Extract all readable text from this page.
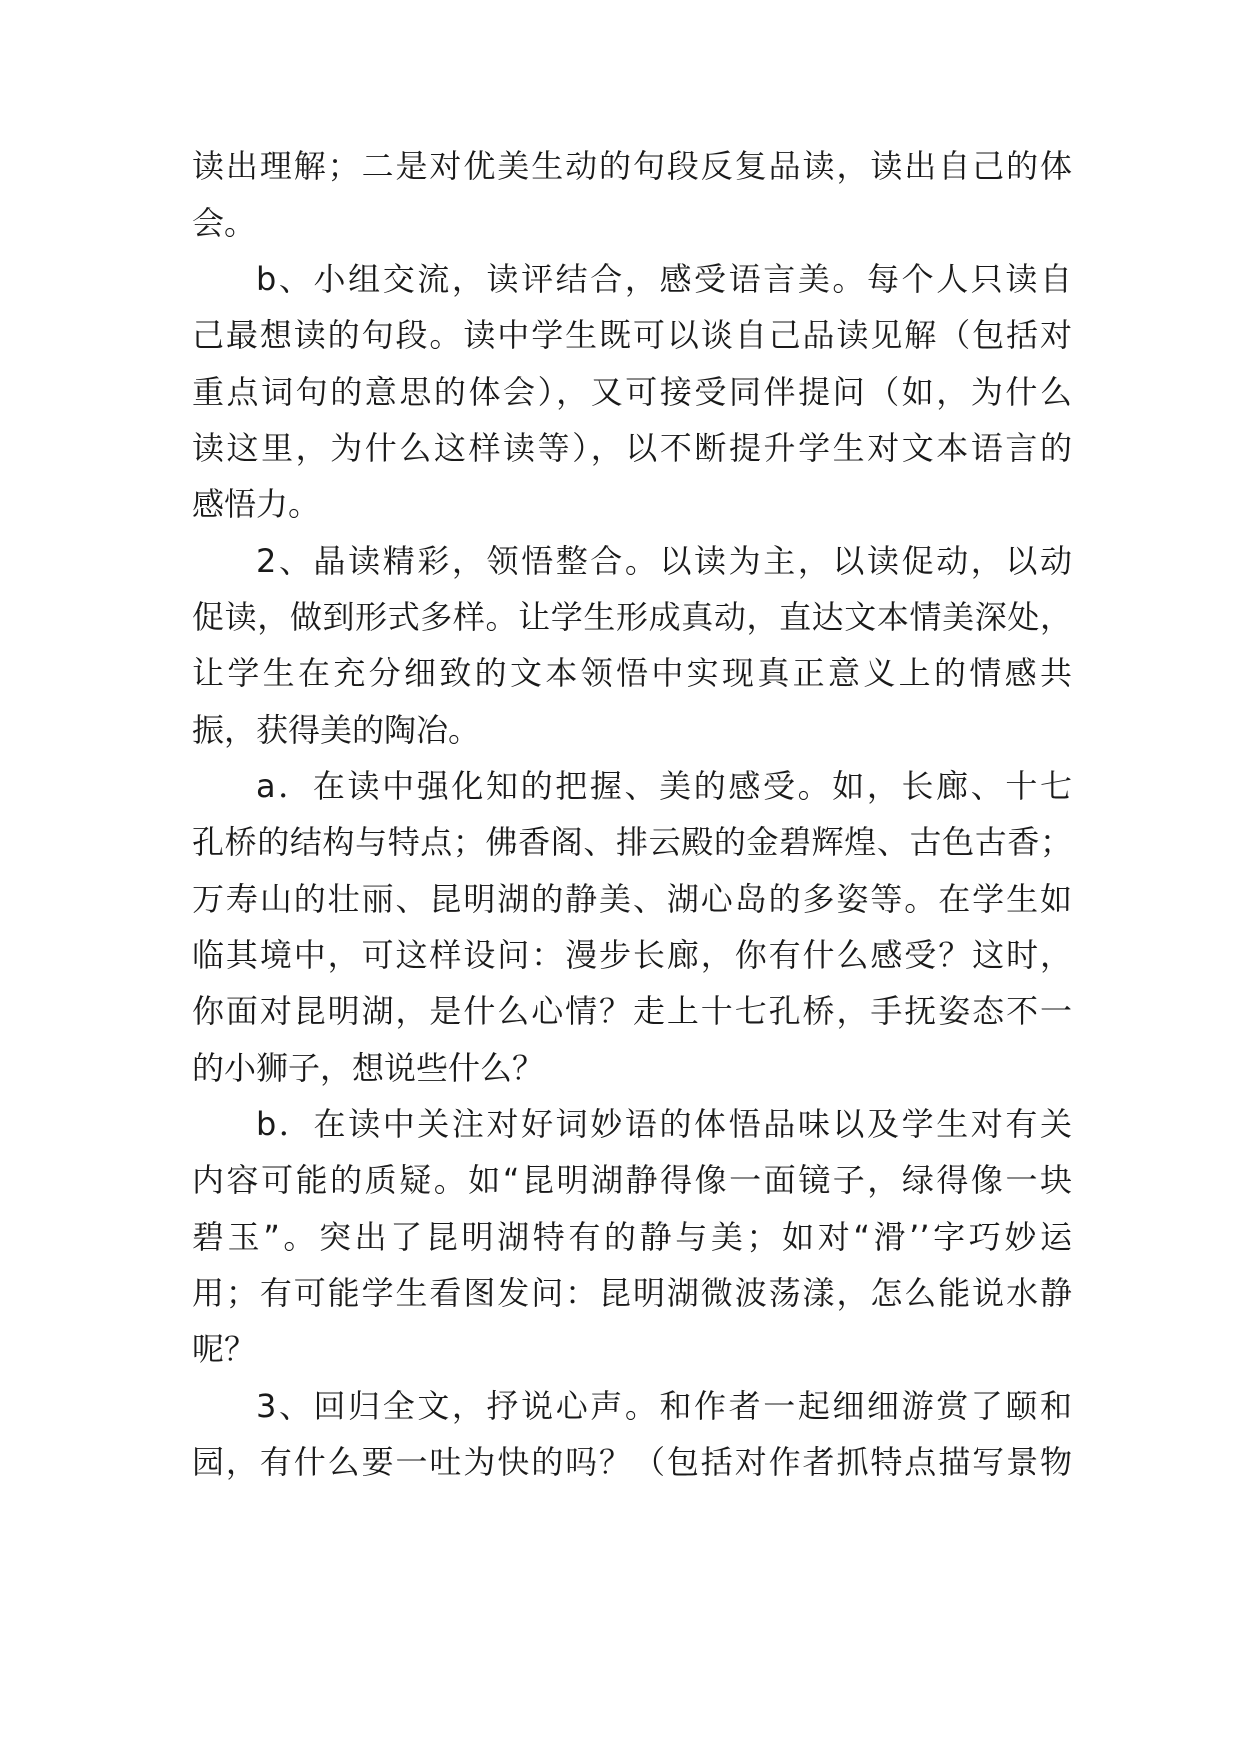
读出理解；二是对优美生动的句段反复品读，读出自己的体
会。
b、小组交流，读评结合，感受语言美。每个人只读自
己最想读的句段。读中学生既可以谈自己品读见解（包括对
重点词句的意思的体会），又可接受同伴提问（如，为什么
读这里，为什么这样读等），以不断提升学生对文本语言的
感悟力。
2、晶读精彩，领悟整合。以读为主，以读促动，以动
促读，做到形式多样。让学生形成真动，直达文本情美深处，
让学生在充分细致的文本领悟中实现真正意义上的情感共
振，获得美的陶冶。
a．在读中强化知的把握、美的感受。如，长廊、十七
孔桥的结构与特点；佛香阁、排云殿的金碧辉煌、古色古香；
万寿山的壮丽、昆明湖的静美、湖心岛的多姿等。在学生如
临其境中，可这样设问：漫步长廊，你有什么感受？这时，
你面对昆明湖，是什么心情？走上十七孔桥，手抚姿态不一
的小狮子，想说些什么？
b．在读中关注对好词妙语的体悟品味以及学生对有关
内容可能的质疑。如“昆明湖静得像一面镜子，绿得像一块
碧玉”。突出了昆明湖特有的静与美；如对“滑’’字巧妙运
用；有可能学生看图发问：昆明湖微波荡漾，怎么能说水静
呢？
3、回归全文，抒说心声。和作者一起细细游赏了颐和
园，有什么要一吐为快的吗？（包括对作者抓特点描写景物
